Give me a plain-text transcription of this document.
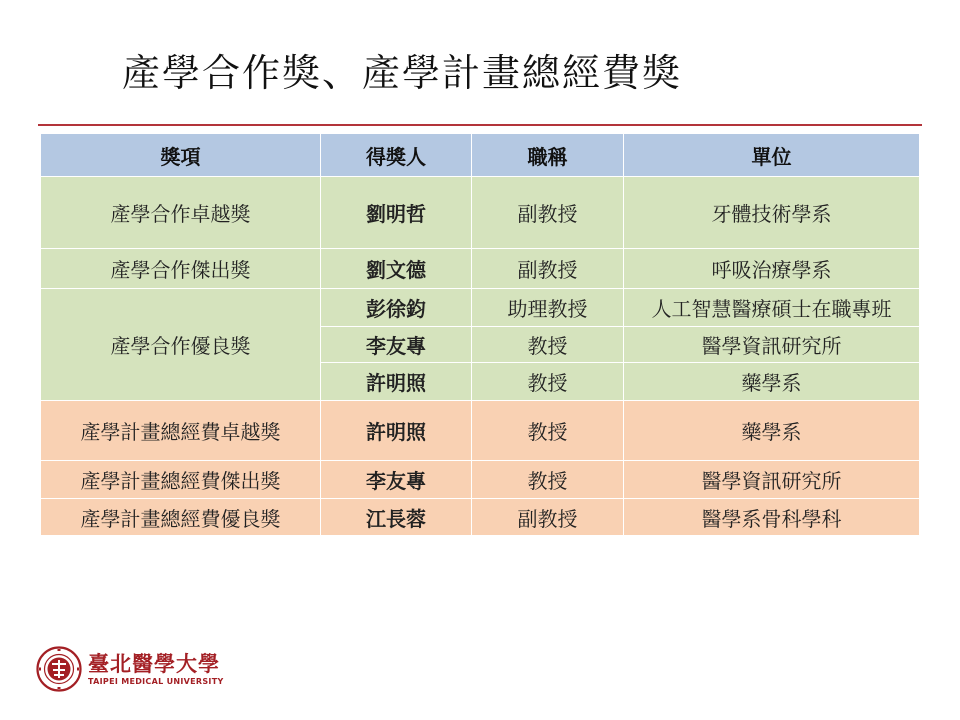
產學合作獎、產學計畫總經費獎
獎項	得獎人	職稱	單位
產學合作卓越獎	劉明哲	副教授	牙體技術學系
產學合作傑出獎	劉文德	副教授	呼吸治療學系
產學合作優良獎	彭徐鈞	助理教授	人工智慧醫療碩士在職專班
	李友專	教授	醫學資訊研究所
	許明照	教授	藥學系
產學計畫總經費卓越獎	許明照	教授	藥學系
產學計畫總經費傑出獎	李友專	教授	醫學資訊研究所
產學計畫總經費優良獎	江長蓉	副教授	醫學系骨科學科
臺北醫學大學
TAIPEI MEDICAL UNIVERSITY
